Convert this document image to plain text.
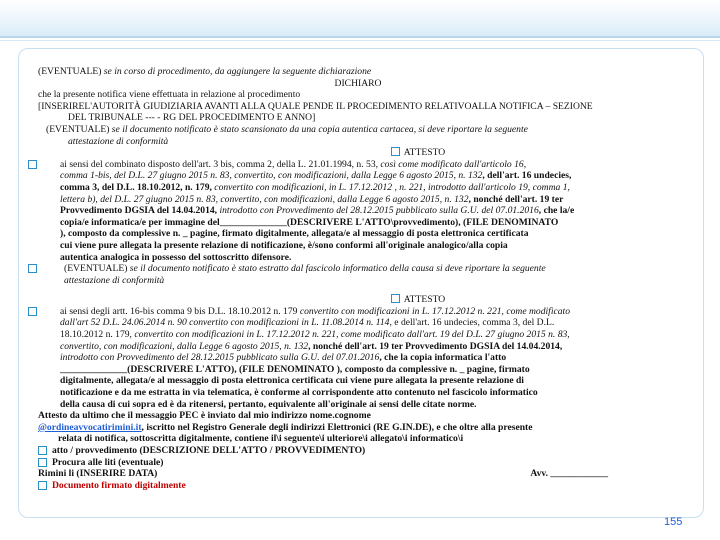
(EVENTUALE) se in corso di procedimento, da aggiungere la seguente dichiarazione

DICHIARO

che la presente notifica viene effettuata in relazione al procedimento

[INSERIREL'AUTORITÀ GIUDIZIARIA AVANTI ALLA QUALE PENDE IL PROCEDIMENTO RELATIVOALLA NOTIFICA – SEZIONE

DEL TRIBUNALE --- - RG DEL PROCEDIMENTO E ANNO]

(EVENTUALE) se il documento notificato è stato scansionato da una copia autentica cartacea, si deve riportare la seguente

attestazione di conformità

ATTESTO

ai sensi del combinato disposto dell'art. 3 bis, comma 2, della L. 21.01.1994, n. 53, così come modificato dall'articolo 16,
comma 1-bis, del D.L. 27 giugno 2015 n. 83, convertito, con modificazioni, dalla Legge 6 agosto 2015, n. 132, dell'art. 16 undecies,
comma 3, del D.L. 18.10.2012, n. 179, convertito con modificazioni, in L. 17.12.2012 , n. 221, introdotto dall'articolo 19, comma 1,
lettera b), del D.L. 27 giugno 2015 n. 83, convertito, con modificazioni, dalla Legge 6 agosto 2015, n. 132, nonché dell'art. 19 ter
Provvedimento DGSIA del 14.04.2014, introdotto con Provvedimento del 28.12.2015 pubblicato sulla G.U. del 07.01.2016, che la/e
copia/e informatica/e per immagine del______________(DESCRIVERE L'ATTO\provvedimento), (FILE DENOMINATO
), composto da complessive n. _ pagine, firmato digitalmente, allegata/e al messaggio di posta elettronica certificata
cui viene pure allegata la presente relazione di notificazione, è/sono conformi all'originale analogico/alla copia
autentica analogica in possesso del sottoscritto difensore.
(EVENTUALE) se il documento notificato è stato estratto dal fascicolo informatico della causa si deve riportare la seguente
attestazione di conformità

ATTESTO

ai sensi degli artt. 16-bis comma 9 bis D.L. 18.10.2012 n. 179 convertito con modificazioni in L. 17.12.2012 n. 221, come modificato
dall'art 52 D.L. 24.06.2014 n. 90 convertito con modificazioni in L. 11.08.2014 n. 114, e dell'art. 16 undecies, comma 3, del D.L.
18.10.2012 n. 179, convertito con modificazioni in L. 17.12.2012 n. 221, come modificato dall'art. 19 del D.L. 27 giugno 2015 n. 83,
convertito, con modificazioni, dalla Legge 6 agosto 2015, n. 132, nonché dell'art. 19 ter Provvedimento DGSIA del 14.04.2014,
introdotto con Provvedimento del 28.12.2015 pubblicato sulla G.U. del 07.01.2016, che la copia informatica l'atto
______________(DESCRIVERE L'ATTO), (FILE DENOMINATO ), composto da complessive n. _ pagine, firmato
digitalmente, allegata/e al messaggio di posta elettronica certificata cui viene pure allegata la presente relazione di
notificazione e da me estratta in via telematica, è conforme al corrispondente atto contenuto nel fascicolo informatico
della causa di cui sopra ed è da ritenersi, pertanto, equivalente all'originale ai sensi delle citate norme.

Attesto da ultimo che il messaggio PEC è inviato dal mio indirizzo nome.cognome

@ordineavvocatirimini.it, iscritto nel Registro Generale degli indirizzi Elettronici (RE G.IN.DE), e che oltre alla presente

relata di notifica, sottoscritta digitalmente, contiene il\i seguente\i ulteriore\i allegato\i informatico\i

atto / provvedimento (DESCRIZIONE DELL'ATTO / PROVVEDIMENTO)
Procura alle liti (eventuale)
Rimini li (INSERIRE DATA)	Avv. ____________
Documento firmato digitalmente
155
